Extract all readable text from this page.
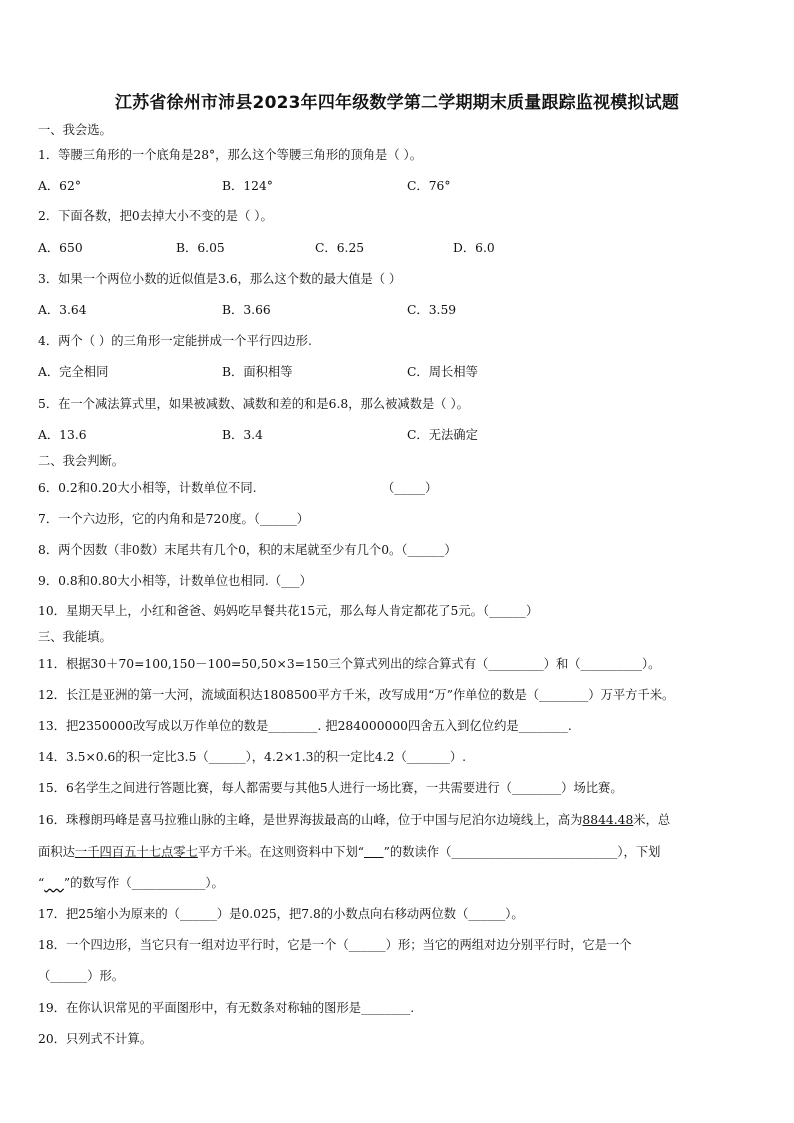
江苏省徐州市沛县2023年四年级数学第二学期期末质量跟踪监视模拟试题
一、我会选。
1．等腰三角形的一个底角是28°，那么这个等腰三角形的顶角是（ ）。
A．62°	B．124°	C．76°
2．下面各数，把0去掉大小不变的是（ ）。
A．650	B．6.05	C．6.25	D．6.0
3．如果一个两位小数的近似值是3.6，那么这个数的最大值是（ ）
A．3.64	B．3.66	C．3.59
4．两个（ ）的三角形一定能拼成一个平行四边形.
A．完全相同	B．面积相等	C．周长相等
5．在一个减法算式里，如果被减数、减数和差的和是6.8，那么被减数是（ ）。
A．13.6	B．3.4	C．无法确定
二、我会判断。
6．0.2和0.20大小相等，计数单位不同.	（_____）
7．一个六边形，它的内角和是720度。（______）
8．两个因数（非0数）末尾共有几个0，积的末尾就至少有几个0。（______）
9．0.8和0.80大小相等，计数单位也相同.（___）
10．星期天早上，小红和爸爸、妈妈吃早餐共花15元，那么每人肯定都花了5元。（______）
三、我能填。
11．根据30＋70=100,150－100=50,50×3=150三个算式列出的综合算式有（_________）和（__________）。
12．长江是亚洲的第一大河，流域面积达1808500平方千米，改写成用“万”作单位的数是（________）万平方千米。
13．把2350000改写成以万作单位的数是________. 把284000000四舍五入到亿位约是________.
14．3.5×0.6的积一定比3.5（______），4.2×1.3的积一定比4.2（_______）.
15．6名学生之间进行答题比赛，每人都需要与其他5人进行一场比赛，一共需要进行（________）场比赛。
16．珠穆朗玛峰是喜马拉雅山脉的主峰，是世界海拔最高的山峰，位于中国与尼泊尔边境线上，高为8844.48米，总
面积达一千四百五十七点零七平方千米。在这则资料中下划“ ”的数读作（___________________________），下划
“ ”的数写作（____________）。
17．把25缩小为原来的（______）是0.025，把7.8的小数点向右移动两位数（______）。
18．一个四边形，当它只有一组对边平行时，它是一个（______）形；当它的两组对边分别平行时，它是一个
（______）形。
19．在你认识常见的平面图形中，有无数条对称轴的图形是________.
20．只列式不计算。
